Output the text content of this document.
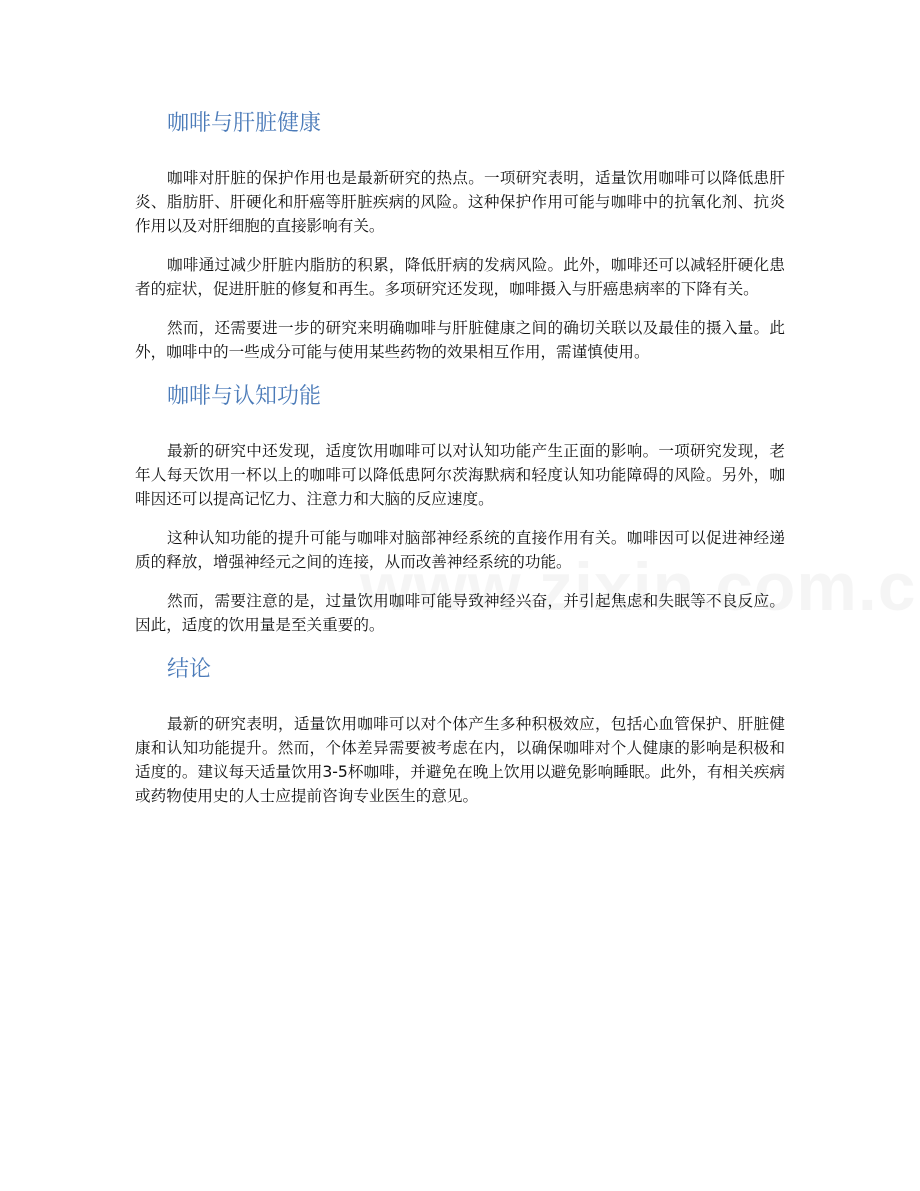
咖啡与肝脏健康

咖啡对肝脏的保护作用也是最新研究的热点。一项研究表明，适量饮用咖啡可以降低患肝炎、脂肪肝、肝硬化和肝癌等肝脏疾病的风险。这种保护作用可能与咖啡中的抗氧化剂、抗炎作用以及对肝细胞的直接影响有关。

咖啡通过减少肝脏内脂肪的积累，降低肝病的发病风险。此外，咖啡还可以减轻肝硬化患者的症状，促进肝脏的修复和再生。多项研究还发现，咖啡摄入与肝癌患病率的下降有关。

然而，还需要进一步的研究来明确咖啡与肝脏健康之间的确切关联以及最佳的摄入量。此外，咖啡中的一些成分可能与使用某些药物的效果相互作用，需谨慎使用。

咖啡与认知功能

最新的研究中还发现，适度饮用咖啡可以对认知功能产生正面的影响。一项研究发现，老年人每天饮用一杯以上的咖啡可以降低患阿尔茨海默病和轻度认知功能障碍的风险。另外，咖啡因还可以提高记忆力、注意力和大脑的反应速度。

这种认知功能的提升可能与咖啡对脑部神经系统的直接作用有关。咖啡因可以促进神经递质的释放，增强神经元之间的连接，从而改善神经系统的功能。

然而，需要注意的是，过量饮用咖啡可能导致神经兴奋，并引起焦虑和失眠等不良反应。因此，适度的饮用量是至关重要的。

结论

最新的研究表明，适量饮用咖啡可以对个体产生多种积极效应，包括心血管保护、肝脏健康和认知功能提升。然而，个体差异需要被考虑在内，以确保咖啡对个人健康的影响是积极和适度的。建议每天适量饮用3-5杯咖啡，并避免在晚上饮用以避免影响睡眠。此外，有相关疾病或药物使用史的人士应提前咨询专业医生的意见。
